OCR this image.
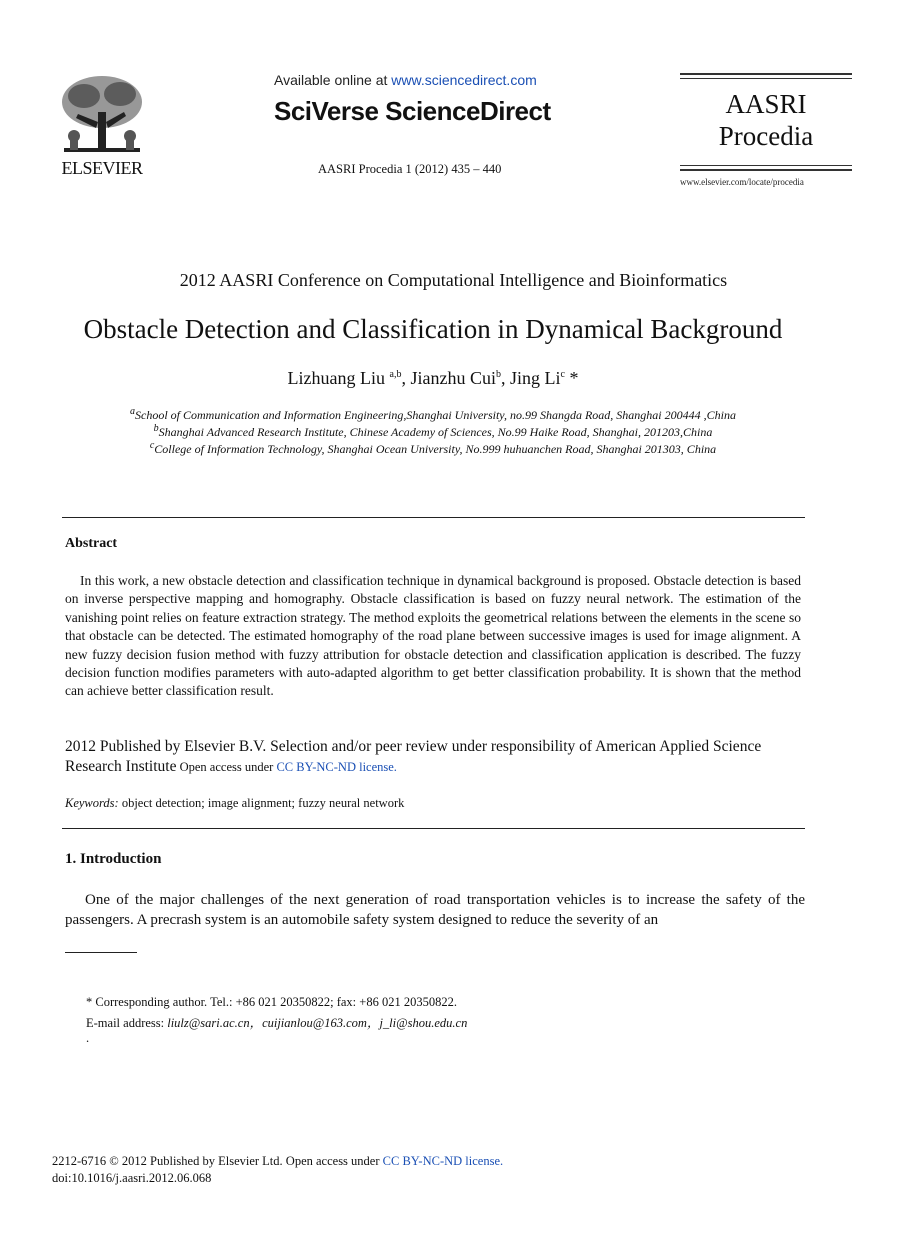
ELSEVIER
Available online at www.sciencedirect.com
SciVerse ScienceDirect
AASRI Procedia 1 (2012) 435 – 440
AASRI
Procedia
www.elsevier.com/locate/procedia
2012 AASRI Conference on Computational Intelligence and Bioinformatics
Obstacle Detection and Classification in Dynamical Background
Lizhuang Liu $^{a,b}$, Jianzhu Cui$^b$, Jing Li$^c$ *
$^a$School of Communication and Information Engineering,Shanghai University, no.99 Shangda Road, Shanghai 200444 ,China
$^b$Shanghai Advanced Research Institute, Chinese Academy of Sciences, No.99 Haike Road, Shanghai, 201203,China
$^c$College of Information Technology, Shanghai Ocean University, No.999 huhuanchen Road, Shanghai 201303, China
Abstract
In this work, a new obstacle detection and classification technique in dynamical background is proposed. Obstacle detection is based on inverse perspective mapping and homography. Obstacle classification is based on fuzzy neural network. The estimation of the vanishing point relies on feature extraction strategy. The method exploits the geometrical relations between the elements in the scene so that obstacle can be detected. The estimated homography of the road plane between successive images is used for image alignment. A new fuzzy decision fusion method with fuzzy attribution for obstacle detection and classification application is described. The fuzzy decision function modifies parameters with auto-adapted algorithm to get better classification probability. It is shown that the method can achieve better classification result.
2012 Published by Elsevier B.V. Selection and/or peer review under responsibility of American Applied Science Research Institute Open access under CC BY-NC-ND license.
Keywords: object detection; image alignment; fuzzy neural network
1. Introduction
One of the major challenges of the next generation of road transportation vehicles is to increase the safety of the passengers. A precrash system is an automobile safety system designed to reduce the severity of an
* Corresponding author. Tel.: +86 021 20350822; fax: +86 021 20350822.
E-mail address: liulz@sari.ac.cn，cuijianlou@163.com，j_li@shou.edu.cn
.
2212-6716 © 2012 Published by Elsevier Ltd. Open access under CC BY-NC-ND license.
doi:10.1016/j.aasri.2012.06.068
